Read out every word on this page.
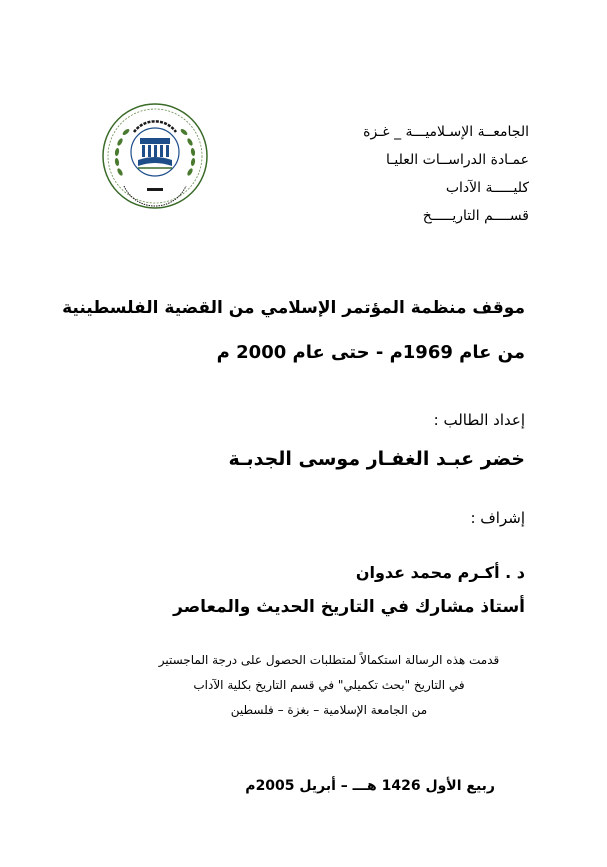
الجامعــة الإسـلاميـــة _ غـزة
عمـادة الدراســات العليـا
كليـــــة الآداب
قســــم التاريـــــخ
موقف منظمة المؤتمر الإسلامي من القضية الفلسطينية
من عام 1969م - حتى عام 2000 م
إعداد الطالب :
خضر عبـد الغفـار موسى الجدبـة
إشراف :
د . أكـرم محمد عدوان
أستاذ مشارك في التاريخ الحديث والمعاصر
قدمت هذه الرسالة استكمالاً لمتطلبات الحصول على درجة الماجستير
في التاريخ "بحث تكميلي" في قسم التاريخ بكلية الآداب
من الجامعة الإسلامية – بغزة – فلسطين
ربيع الأول 1426 هـــ – أبريل 2005م
